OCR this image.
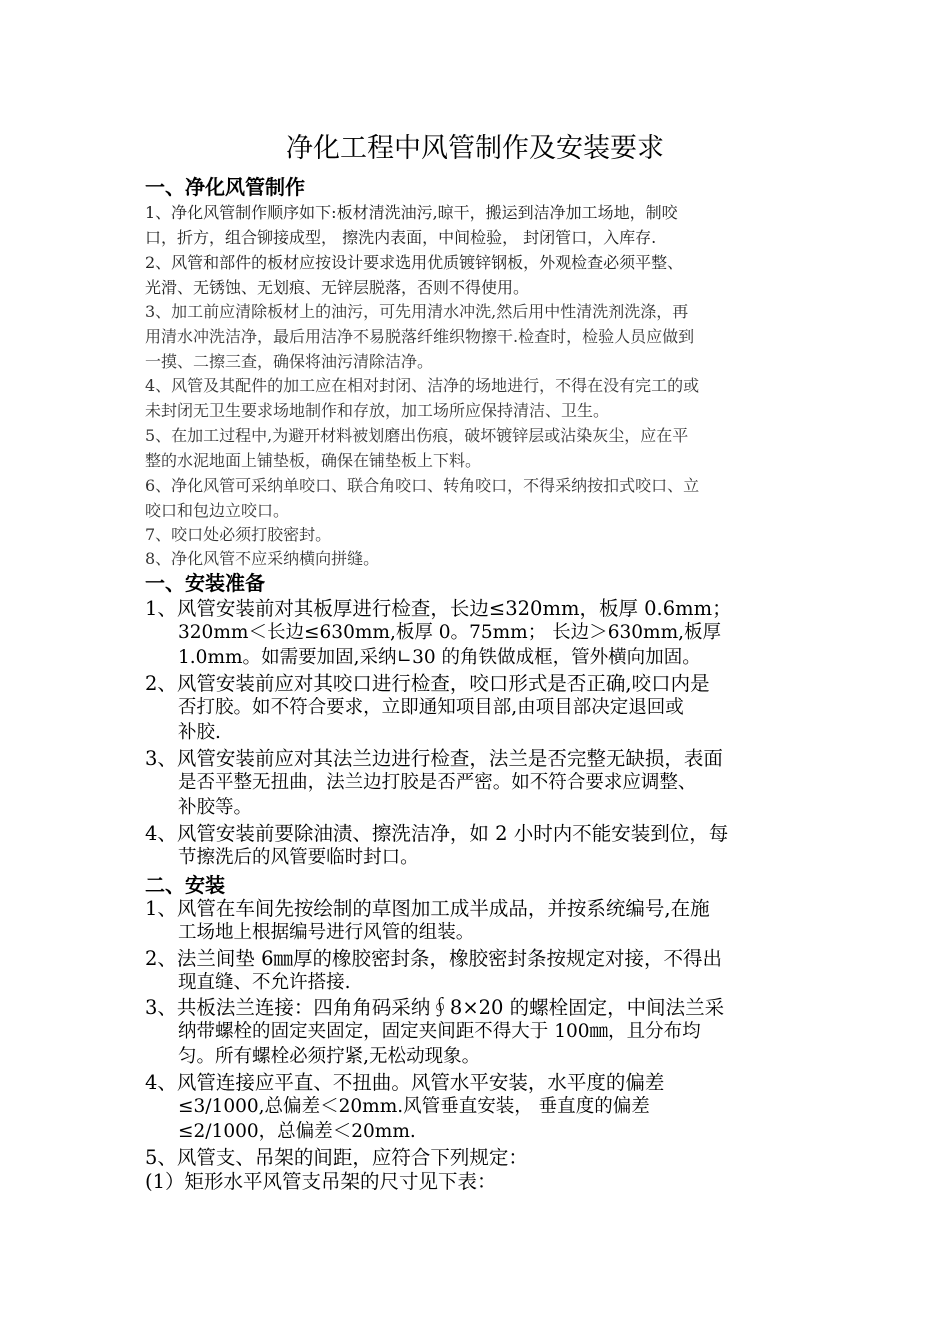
净化工程中风管制作及安装要求
一、净化风管制作
1、净化风管制作顺序如下:板材清洗油污,晾干，搬运到洁净加工场地，制咬
口，折方，组合铆接成型， 擦洗内表面，中间检验， 封闭管口，入库存.
2、风管和部件的板材应按设计要求选用优质镀锌钢板，外观检查必须平整、
光滑、无锈蚀、无划痕、无锌层脱落，否则不得使用。
3、加工前应清除板材上的油污，可先用清水冲洗,然后用中性清洗剂洗涤，再
用清水冲洗洁净，最后用洁净不易脱落纤维织物擦干.检查时，检验人员应做到
一摸、二擦三查，确保将油污清除洁净。
4、风管及其配件的加工应在相对封闭、洁净的场地进行，不得在没有完工的或
未封闭无卫生要求场地制作和存放，加工场所应保持清洁、卫生。
5、在加工过程中,为避开材料被划磨出伤痕，破坏镀锌层或沾染灰尘，应在平
整的水泥地面上铺垫板，确保在铺垫板上下料。
6、净化风管可采纳单咬口、联合角咬口、转角咬口，不得采纳按扣式咬口、立
咬口和包边立咬口。
7、咬口处必须打胶密封。
8、净化风管不应采纳横向拼缝。
一、安装准备
1、风管安装前对其板厚进行检查，长边≤320mm，板厚 0.6mm；
320mm＜长边≤630mm,板厚 0。75mm； 长边＞630mm,板厚
1.0mm。如需要加固,采纳∟30 的角铁做成框，管外横向加固。
2、风管安装前应对其咬口进行检查，咬口形式是否正确,咬口内是
否打胶。如不符合要求，立即通知项目部,由项目部决定退回或
补胶.
3、风管安装前应对其法兰边进行检查，法兰是否完整无缺损，表面
是否平整无扭曲，法兰边打胶是否严密。如不符合要求应调整、
补胶等。
4、风管安装前要除油渍、擦洗洁净，如 2 小时内不能安装到位，每
节擦洗后的风管要临时封口。
二、安装
1、风管在车间先按绘制的草图加工成半成品，并按系统编号,在施
工场地上根据编号进行风管的组装。
2、法兰间垫 6㎜厚的橡胶密封条，橡胶密封条按规定对接，不得出
现直缝、不允许搭接.
3、共板法兰连接：四角角码采纳∮8×20 的螺栓固定，中间法兰采
纳带螺栓的固定夹固定，固定夹间距不得大于 100㎜，且分布均
匀。所有螺栓必须拧紧,无松动现象。
4、风管连接应平直、不扭曲。风管水平安装，水平度的偏差
≤3/1000,总偏差＜20mm.风管垂直安装， 垂直度的偏差
≤2/1000，总偏差＜20mm.
5、风管支、吊架的间距，应符合下列规定：
(1）矩形水平风管支吊架的尺寸见下表：
